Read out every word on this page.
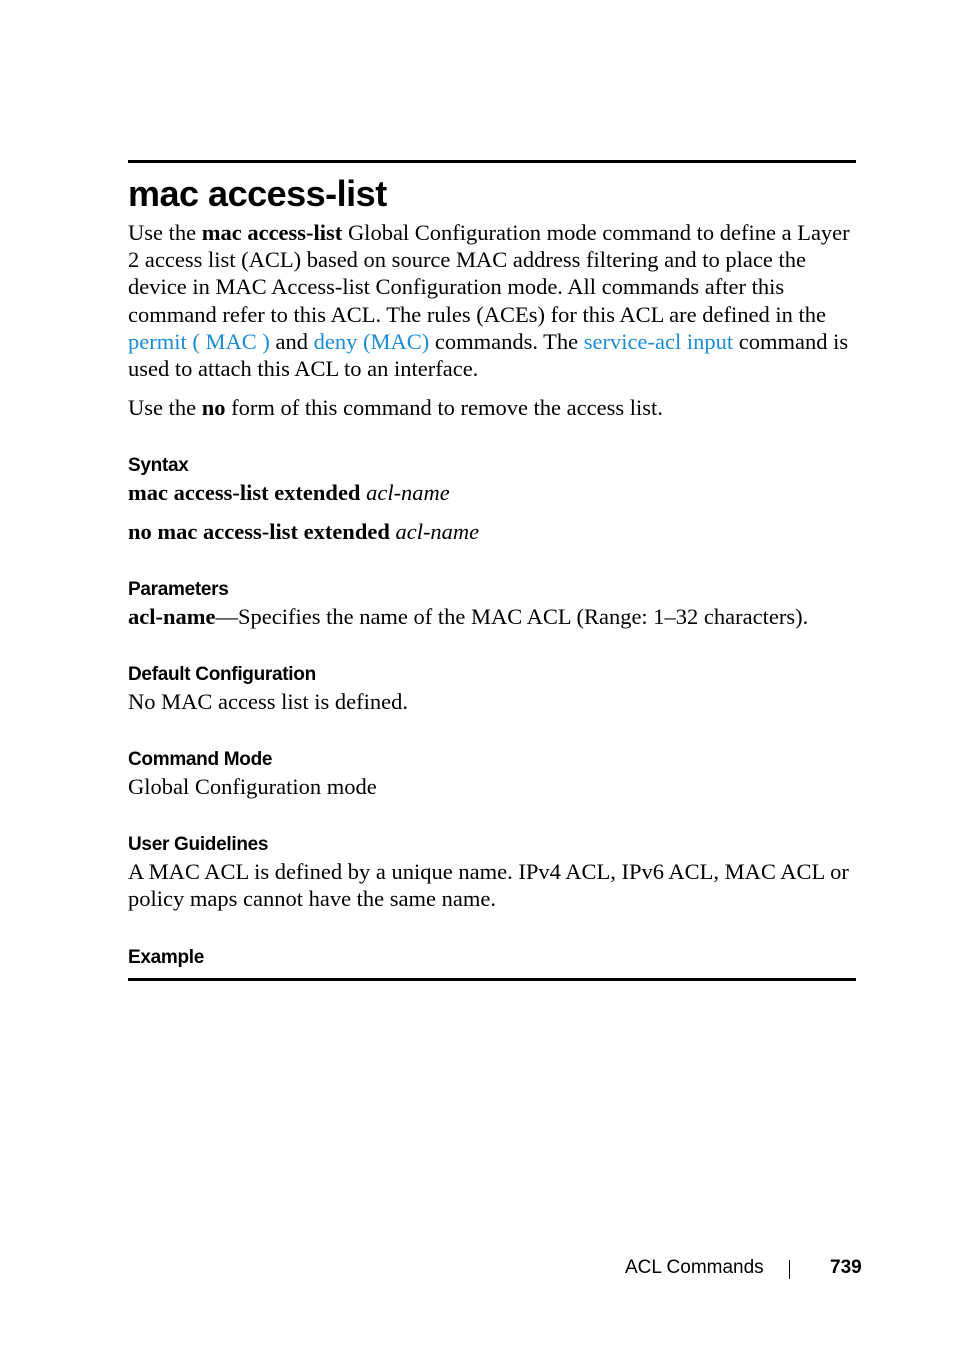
mac access-list

Use the mac access-list Global Configuration mode command to define a Layer 2 access list (ACL) based on source MAC address filtering and to place the device in MAC Access-list Configuration mode. All commands after this command refer to this ACL. The rules (ACEs) for this ACL are defined in the permit ( MAC ) and deny (MAC) commands. The service-acl input command is used to attach this ACL to an interface.

Use the no form of this command to remove the access list.

Syntax

mac access-list extended acl-name

no mac access-list extended acl-name

Parameters

acl-name—Specifies the name of the MAC ACL (Range: 1–32 characters).

Default Configuration

No MAC access list is defined.

Command Mode

Global Configuration mode

User Guidelines

A MAC ACL is defined by a unique name. IPv4 ACL, IPv6 ACL, MAC ACL or policy maps cannot have the same name.

Example
ACL Commands	739
